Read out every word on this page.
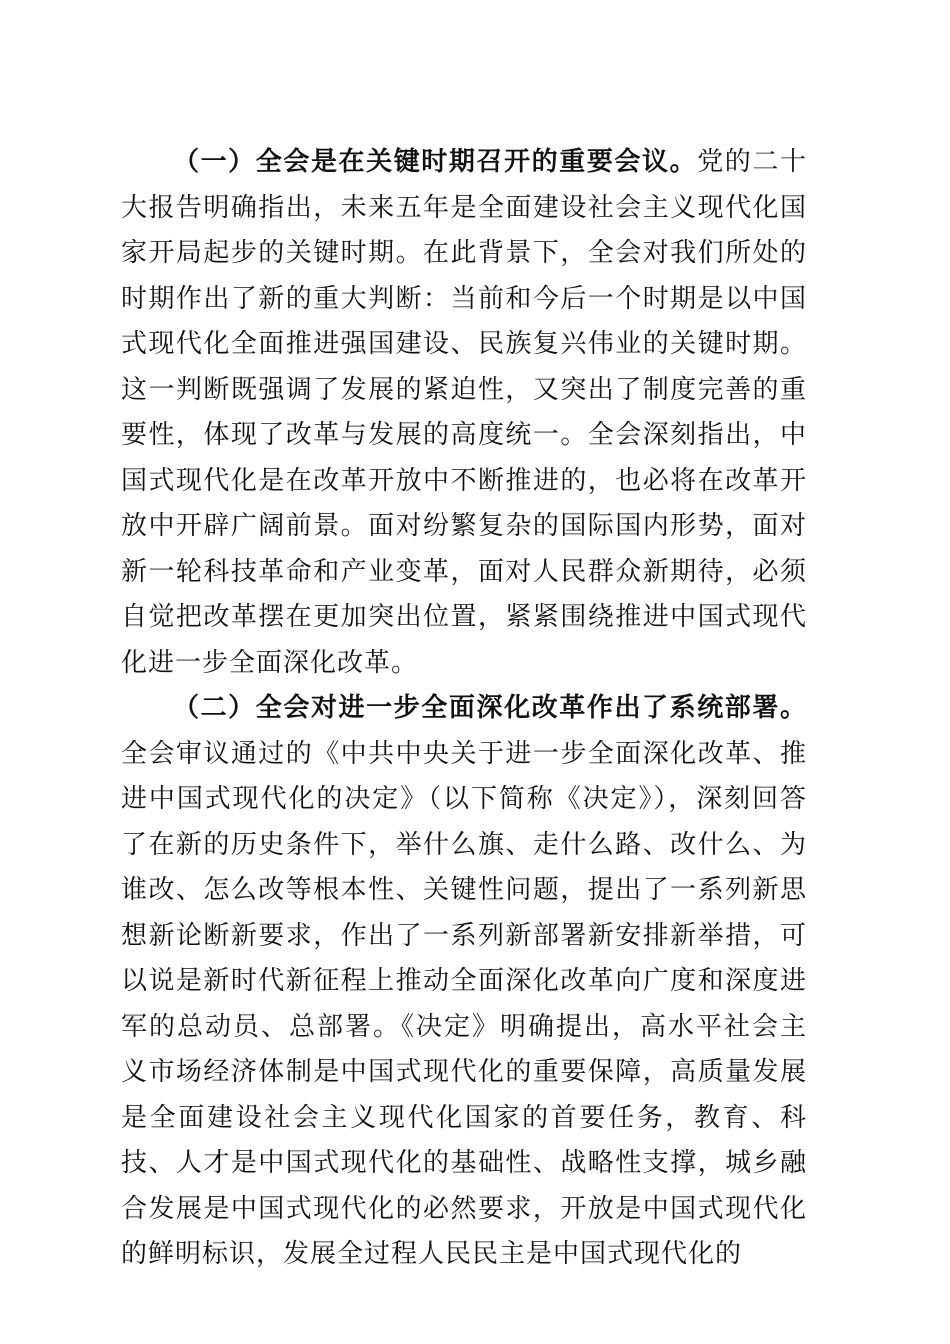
（一）全会是在关键时期召开的重要会议。党的二十大报告明确指出，未来五年是全面建设社会主义现代化国家开局起步的关键时期。在此背景下，全会对我们所处的时期作出了新的重大判断：当前和今后一个时期是以中国式现代化全面推进强国建设、民族复兴伟业的关键时期。这一判断既强调了发展的紧迫性，又突出了制度完善的重要性，体现了改革与发展的高度统一。全会深刻指出，中国式现代化是在改革开放中不断推进的，也必将在改革开放中开辟广阔前景。面对纷繁复杂的国际国内形势，面对新一轮科技革命和产业变革，面对人民群众新期待，必须自觉把改革摆在更加突出位置，紧紧围绕推进中国式现代化进一步全面深化改革。

（二）全会对进一步全面深化改革作出了系统部署。全会审议通过的《中共中央关于进一步全面深化改革、推进中国式现代化的决定》（以下简称《决定》），深刻回答了在新的历史条件下，举什么旗、走什么路、改什么、为谁改、怎么改等根本性、关键性问题，提出了一系列新思想新论断新要求，作出了一系列新部署新安排新举措，可以说是新时代新征程上推动全面深化改革向广度和深度进军的总动员、总部署。《决定》明确提出，高水平社会主义市场经济体制是中国式现代化的重要保障，高质量发展是全面建设社会主义现代化国家的首要任务，教育、科技、人才是中国式现代化的基础性、战略性支撑，城乡融合发展是中国式现代化的必然要求，开放是中国式现代化的鲜明标识，发展全过程人民民主是中国式现代化的
